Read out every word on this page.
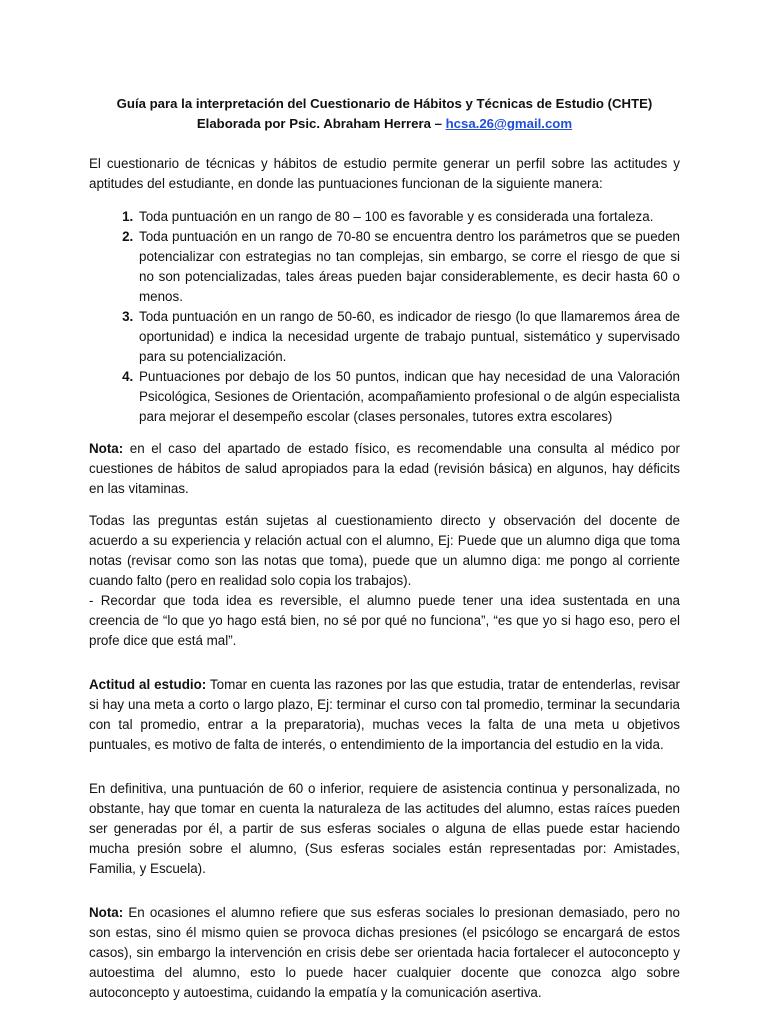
Guía para la interpretación del Cuestionario de Hábitos y Técnicas de Estudio (CHTE)
Elaborada por Psic. Abraham Herrera – hcsa.26@gmail.com

El cuestionario de técnicas y hábitos de estudio permite generar un perfil sobre las actitudes y aptitudes del estudiante, en donde las puntuaciones funcionan de la siguiente manera:

1. Toda puntuación en un rango de 80 – 100 es favorable y es considerada una fortaleza.
2. Toda puntuación en un rango de 70-80 se encuentra dentro los parámetros que se pueden potencializar con estrategias no tan complejas, sin embargo, se corre el riesgo de que si no son potencializadas, tales áreas pueden bajar considerablemente, es decir hasta 60 o menos.
3. Toda puntuación en un rango de 50-60, es indicador de riesgo (lo que llamaremos área de oportunidad) e indica la necesidad urgente de trabajo puntual, sistemático y supervisado para su potencialización.
4. Puntuaciones por debajo de los 50 puntos, indican que hay necesidad de una Valoración Psicológica, Sesiones de Orientación, acompañamiento profesional o de algún especialista para mejorar el desempeño escolar (clases personales, tutores extra escolares)

Nota: en el caso del apartado de estado físico, es recomendable una consulta al médico por cuestiones de hábitos de salud apropiados para la edad (revisión básica) en algunos, hay déficits en las vitaminas.

Todas las preguntas están sujetas al cuestionamiento directo y observación del docente de acuerdo a su experiencia y relación actual con el alumno, Ej: Puede que un alumno diga que toma notas (revisar como son las notas que toma), puede que un alumno diga: me pongo al corriente cuando falto (pero en realidad solo copia los trabajos).

- Recordar que toda idea es reversible, el alumno puede tener una idea sustentada en una creencia de “lo que yo hago está bien, no sé por qué no funciona”, “es que yo si hago eso, pero el profe dice que está mal”.

Actitud al estudio: Tomar en cuenta las razones por las que estudia, tratar de entenderlas, revisar si hay una meta a corto o largo plazo, Ej: terminar el curso con tal promedio, terminar la secundaria con tal promedio, entrar a la preparatoria), muchas veces la falta de una meta u objetivos puntuales, es motivo de falta de interés, o entendimiento de la importancia del estudio en la vida.

En definitiva, una puntuación de 60 o inferior, requiere de asistencia continua y personalizada, no obstante, hay que tomar en cuenta la naturaleza de las actitudes del alumno, estas raíces pueden ser generadas por él, a partir de sus esferas sociales o alguna de ellas puede estar haciendo mucha presión sobre el alumno, (Sus esferas sociales están representadas por: Amistades, Familia, y Escuela).

Nota: En ocasiones el alumno refiere que sus esferas sociales lo presionan demasiado, pero no son estas, sino él mismo quien se provoca dichas presiones (el psicólogo se encargará de estos casos), sin embargo la intervención en crisis debe ser orientada hacia fortalecer el autoconcepto y autoestima del alumno, esto lo puede hacer cualquier docente que conozca algo sobre autoconcepto y autoestima, cuidando la empatía y la comunicación asertiva.
